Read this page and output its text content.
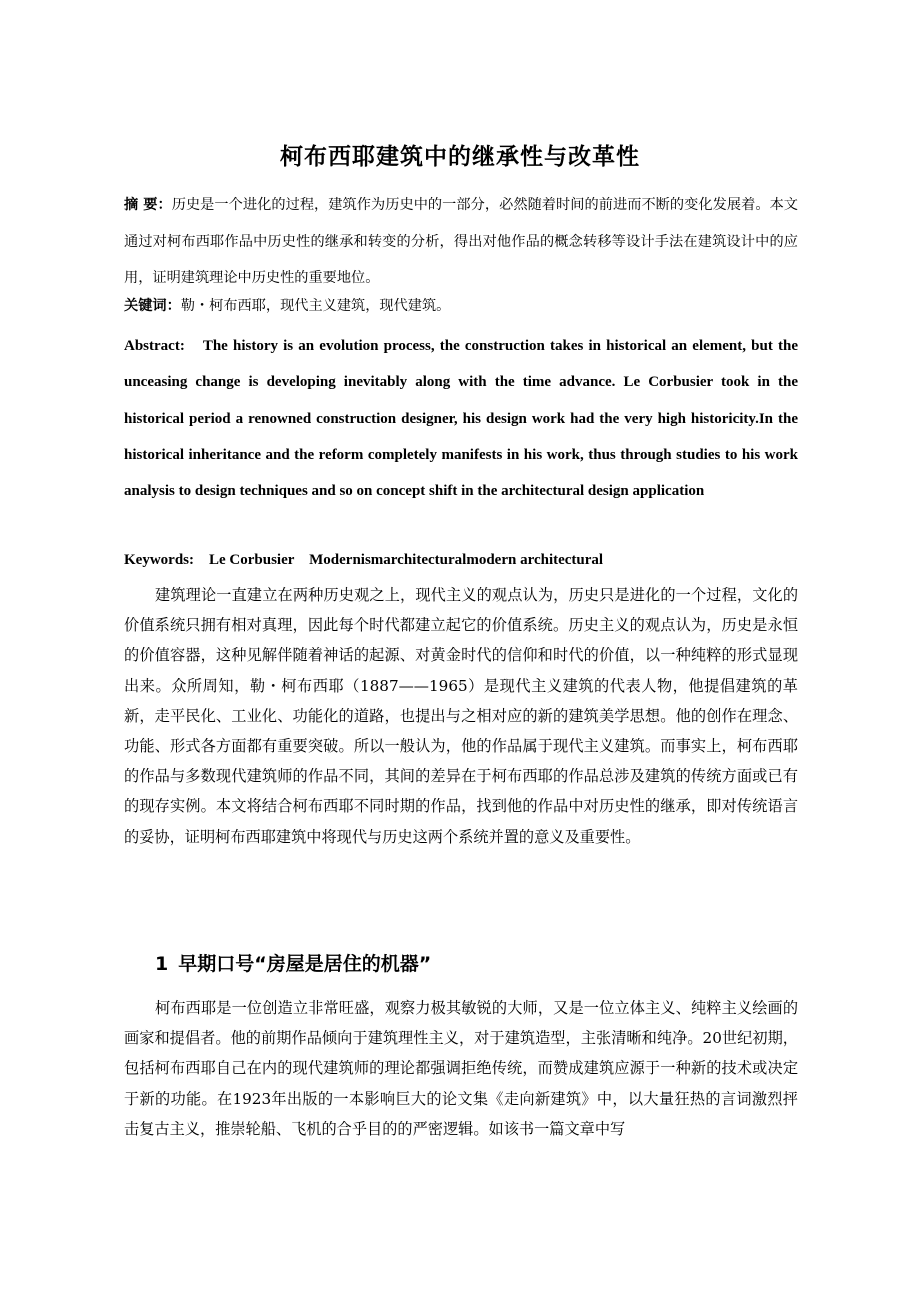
柯布西耶建筑中的继承性与改革性

摘 要：历史是一个进化的过程，建筑作为历史中的一部分，必然随着时间的前进而不断的变化发展着。本文通过对柯布西耶作品中历史性的继承和转变的分析，得出对他作品的概念转移等设计手法在建筑设计中的应用，证明建筑理论中历史性的重要地位。

关键词：勒・柯布西耶，现代主义建筑，现代建筑。

Abstract: The history is an evolution process, the construction takes in historical an element, but the unceasing change is developing inevitably along with the time advance. Le Corbusier took in the historical period a renowned construction designer, his design work had the very high historicity.In the historical inheritance and the reform completely manifests in his work, thus through studies to his work analysis to design techniques and so on concept shift in the architectural design application

Keywords: Le Corbusier    Modernismarchitecturalmodern architectural

建筑理论一直建立在两种历史观之上，现代主义的观点认为，历史只是进化的一个过程，文化的价值系统只拥有相对真理，因此每个时代都建立起它的价值系统。历史主义的观点认为，历史是永恒的价值容器，这种见解伴随着神话的起源、对黄金时代的信仰和时代的价值，以一种纯粹的形式显现出来。众所周知，勒・柯布西耶（1887——1965）是现代主义建筑的代表人物，他提倡建筑的革新，走平民化、工业化、功能化的道路，也提出与之相对应的新的建筑美学思想。他的创作在理念、功能、形式各方面都有重要突破。所以一般认为，他的作品属于现代主义建筑。而事实上，柯布西耶的作品与多数现代建筑师的作品不同，其间的差异在于柯布西耶的作品总涉及建筑的传统方面或已有的现存实例。本文将结合柯布西耶不同时期的作品，找到他的作品中对历史性的继承，即对传统语言的妥协，证明柯布西耶建筑中将现代与历史这两个系统并置的意义及重要性。

1 早期口号“房屋是居住的机器”

柯布西耶是一位创造立非常旺盛，观察力极其敏锐的大师，又是一位立体主义、纯粹主义绘画的画家和提倡者。他的前期作品倾向于建筑理性主义，对于建筑造型，主张清晰和纯净。20世纪初期，包括柯布西耶自己在内的现代建筑师的理论都强调拒绝传统，而赞成建筑应源于一种新的技术或决定于新的功能。在1923年出版的一本影响巨大的论文集《走向新建筑》中，以大量狂热的言词激烈抨击复古主义，推崇轮船、飞机的合乎目的的严密逻辑。如该书一篇文章中写
